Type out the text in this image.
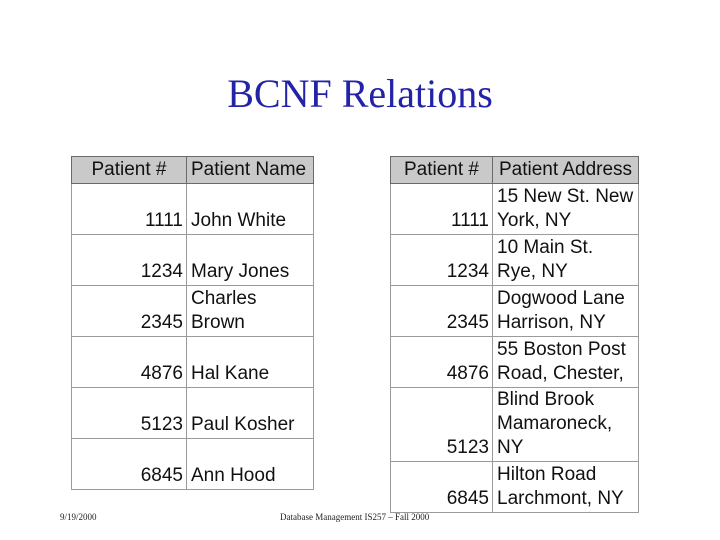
BCNF Relations
Patient #	Patient Name
1111	John White
1234	Mary Jones
2345	Charles Brown
4876	Hal Kane
5123	Paul Kosher
6845	Ann Hood
Patient #	Patient Address
1111	15 New St. New York, NY
1234	10 Main St. Rye, NY
2345	Dogwood Lane Harrison, NY
4876	55 Boston Post Road, Chester,
5123	Blind Brook Mamaroneck, NY
6845	Hilton Road Larchmont, NY
9/19/2000	Database Management IS257 – Fall 2000
